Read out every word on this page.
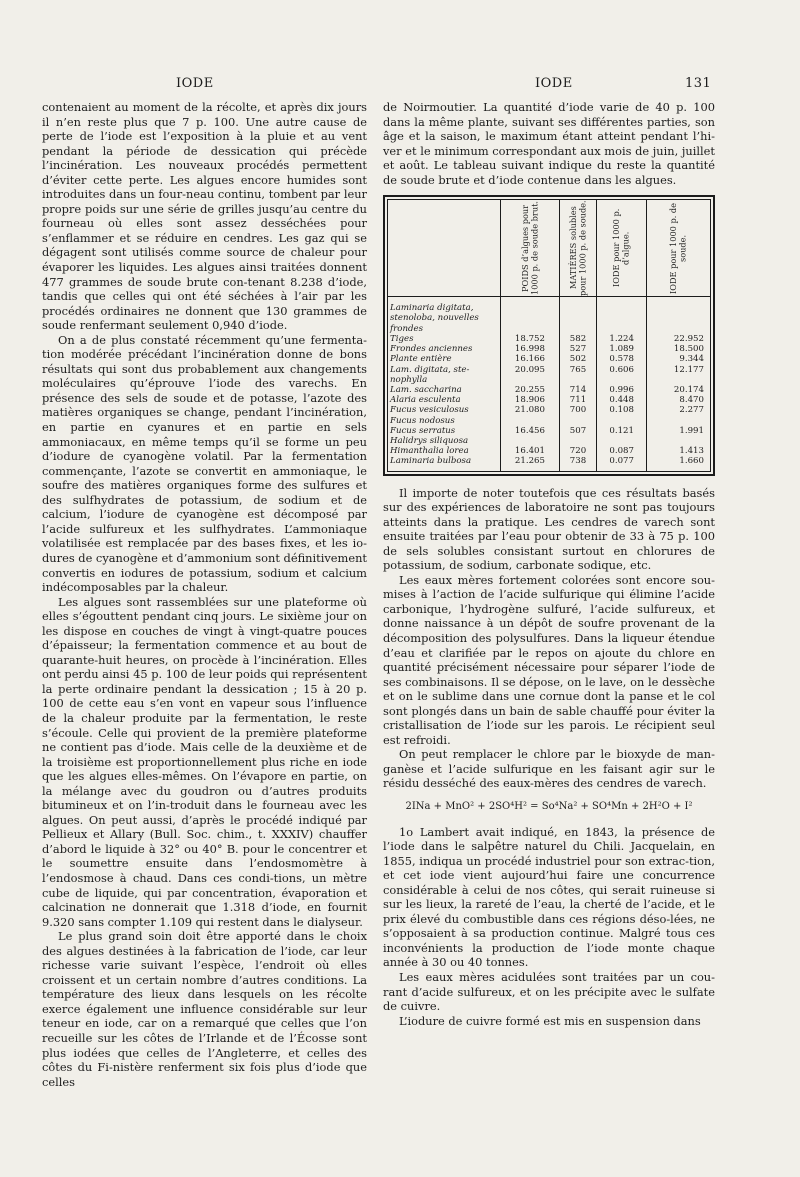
IODE	IODE	131

contenaient au moment de la récolte, et après dix jours il n’en reste plus que 7 p. 100. Une autre cause de perte de l’iode est l’exposition à la pluie et au vent pendant la période de dessication qui précède l’incinération. Les nouveaux procédés permettent d’éviter cette perte. Les algues encore humides sont introduites dans un four-neau continu, tombent par leur propre poids sur une série de grilles jusqu’au centre du fourneau où elles sont assez desséchées pour s’enflammer et se réduire en cendres. Les gaz qui se dégagent sont utilisés comme source de chaleur pour évaporer les liquides. Les algues ainsi traitées donnent 477 grammes de soude brute con-tenant 8.238 d’iode, tandis que celles qui ont été séchées à l’air par les procédés ordinaires ne donnent que 130 grammes de soude renfermant seulement 0,940 d’iode.

On a de plus constaté récemment qu’une fermenta-tion modérée précédant l’incinération donne de bons résultats qui sont dus probablement aux changements moléculaires qu’éprouve l’iode des varechs. En présence des sels de soude et de potasse, l’azote des matières organiques se change, pendant l’incinération, en partie en cyanures et en partie en sels ammoniacaux, en même temps qu’il se forme un peu d’iodure de cyanogène volatil. Par la fermentation commençante, l’azote se convertit en ammoniaque, le soufre des matières organiques forme des sulfures et des sulfhydrates de potassium, de sodium et de calcium, l’iodure de cyanogène est décomposé par l’acide sulfureux et les sulfhydrates. L’ammoniaque volatilisée est remplacée par des bases fixes, et les io-dures de cyanogène et d’ammonium sont définitivement convertis en iodures de potassium, sodium et calcium indécomposables par la chaleur.

Les algues sont rassemblées sur une plateforme où elles s’égouttent pendant cinq jours. Le sixième jour on les dispose en couches de vingt à vingt-quatre pouces d’épaisseur; la fermentation commence et au bout de quarante-huit heures, on procède à l’incinération. Elles ont perdu ainsi 45 p. 100 de leur poids qui représentent la perte ordinaire pendant la dessication ; 15 à 20 p. 100 de cette eau s’en vont en vapeur sous l’influence de la chaleur produite par la fermentation, le reste s’écoule. Celle qui provient de la première plateforme ne contient pas d’iode. Mais celle de la deuxième et de la troisième est proportionnellement plus riche en iode que les algues elles-mêmes. On l’évapore en partie, on la mélange avec du goudron ou d’autres produits bitumineux et on l’in-troduit dans le fourneau avec les algues. On peut aussi, d’après le procédé indiqué par Pellieux et Allary (Bull. Soc. chim., t. XXXIV) chauffer d’abord le liquide à 32° ou 40° B. pour le concentrer et le soumettre ensuite dans l’endosmomètre à l’endosmose à chaud. Dans ces condi-tions, un mètre cube de liquide, qui par concentration, évaporation et calcination ne donnerait que 1.318 d’iode, en fournit 9.320 sans compter 1.109 qui restent dans le dialyseur.

Le plus grand soin doit être apporté dans le choix des algues destinées à la fabrication de l’iode, car leur richesse varie suivant l’espèce, l’endroit où elles croissent et un certain nombre d’autres conditions. La température des lieux dans lesquels on les récolte exerce également une influence considérable sur leur teneur en iode, car on a remarqué que celles que l’on recueille sur les côtes de l’Irlande et de l’Écosse sont plus iodées que celles de l’Angleterre, et celles des côtes du Fi-nistère renferment six fois plus d’iode que celles

de Noirmoutier. La quantité d’iode varie de 40 p. 100 dans la même plante, suivant ses différentes parties, son âge et la saison, le maximum étant atteint pendant l’hi-ver et le minimum correspondant aux mois de juin, juillet et août. Le tableau suivant indique du reste la quantité de soude brute et d’iode contenue dans les algues.

	POIDS d’algues pour 1000 p. de soude brut.	MATIÈRES solubles pour 1000 p. de soude.	IODE pour 1000 p. d’algue.	IODE pour 1000 p. de soude.

Laminaria digitata, stenoloba, nouvelles frondes				
Tiges	18.752	582	1.224	22.952
Frondes anciennes	16.998	527	1.089	18.500
Plante entière	16.166	502	0.578	9.344
Lam. digitata, ste-nophylla	20.095	765	0.606	12.177
Lam. saccharina	20.255	714	0.996	20.174
Alaria esculenta	18.906	711	0.448	8.470
Fucus vesiculosus	21.080	700	0.108	2.277
Fucus nodosus				
Fucus serratus	16.456	507	0.121	1.991
Halidrys siliquosa				
Himanthalia lorea	16.401	720	0.087	1.413
Laminaria bulbosa	21.265	738	0.077	1.660

Il importe de noter toutefois que ces résultats basés sur des expériences de laboratoire ne sont pas toujours atteints dans la pratique. Les cendres de varech sont ensuite traitées par l’eau pour obtenir de 33 à 75 p. 100 de sels solubles consistant surtout en chlorures de potassium, de sodium, carbonate sodique, etc.

Les eaux mères fortement colorées sont encore sou-mises à l’action de l’acide sulfurique qui élimine l’acide carbonique, l’hydrogène sulfuré, l’acide sulfureux, et donne naissance à un dépôt de soufre provenant de la décomposition des polysulfures. Dans la liqueur étendue d’eau et clarifiée par le repos on ajoute du chlore en quantité précisément nécessaire pour séparer l’iode de ses combinaisons. Il se dépose, on le lave, on le dessèche et on le sublime dans une cornue dont la panse et le col sont plongés dans un bain de sable chauffé pour éviter la cristallisation de l’iode sur les parois. Le récipient seul est refroidi.

On peut remplacer le chlore par le bioxyde de man-ganèse et l’acide sulfurique en les faisant agir sur le résidu desséché des eaux-mères des cendres de varech.

2INa + MnO² + 2SO⁴H² = So⁴Na² + SO⁴Mn + 2H²O + I²

1o Lambert avait indiqué, en 1843, la présence de l’iode dans le salpêtre naturel du Chili. Jacquelain, en 1855, indiqua un procédé industriel pour son extrac-tion, et cet iode vient aujourd’hui faire une concurrence considérable à celui de nos côtes, qui serait ruineuse si sur les lieux, la rareté de l’eau, la cherté de l’acide, et le prix élevé du combustible dans ces régions déso-lées, ne s’opposaient à sa production continue. Malgré tous ces inconvénients la production de l’iode monte chaque année à 30 ou 40 tonnes.

Les eaux mères acidulées sont traitées par un cou-rant d’acide sulfureux, et on les précipite avec le sulfate de cuivre.

L’iodure de cuivre formé est mis en suspension dans
